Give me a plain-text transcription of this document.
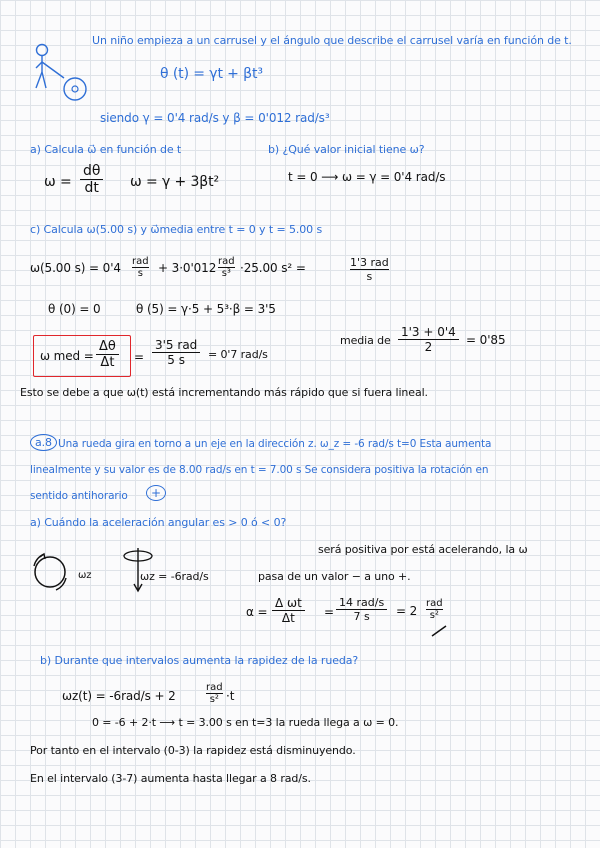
Un niño empieza a un carrusel y el ángulo que describe el carrusel varía en función de t.
θ (t) = γt + βt³
siendo γ = 0'4 rad/s y β = 0'012 rad/s³
a) Calcula ω⃗ en función de t	b) ¿Qué valor inicial tiene ω?
ω =
dθ
dt ω = γ + 3βt²	t = 0 ⟶ ω = γ = 0'4 rad/s
c) Calcula ω(5.00 s) y ω⃗media entre t = 0 y t = 5.00 s
ω(5.00 s) = 0'4 rad
s + 3·0'012 rad
s³ ·25.00 s² =	1'3 rad
s
θ (0) = 0	θ (5) = γ·5 + 5³·β = 3'5
ω med =
Δθ
Δt =
3'5 rad
5 s = 0'7 rad/s
media de
1'3 + 0'4
2	= 0'85
Esto se debe a que ω(t) está incrementando más rápido que si fuera lineal.
a.8 Una rueda gira en torno a un eje en la dirección z. ω_z = -6 rad/s t=0 Esta aumenta
linealmente y su valor es de 8.00 rad/s en t = 7.00 s Se considera positiva la rotación en
sentido antihorario	+
a) Cuándo la aceleración angular es > 0 ó < 0?
será positiva por está acelerando, la ω
pasa de un valor − a uno +.
ωz	ωz = -6rad/s
α =
Δ ωt
Δt =
14 rad/s
7 s = 2
rad
s²
b) Durante que intervalos aumenta la rapidez de la rueda?
ωz(t) = -6rad/s + 2
rad
s² ·t
0 = -6 + 2·t ⟶ t = 3.00 s en t=3 la rueda llega a ω = 0.
Por tanto en el intervalo (0-3) la rapidez está disminuyendo.
En el intervalo (3-7) aumenta hasta llegar a 8 rad/s.
